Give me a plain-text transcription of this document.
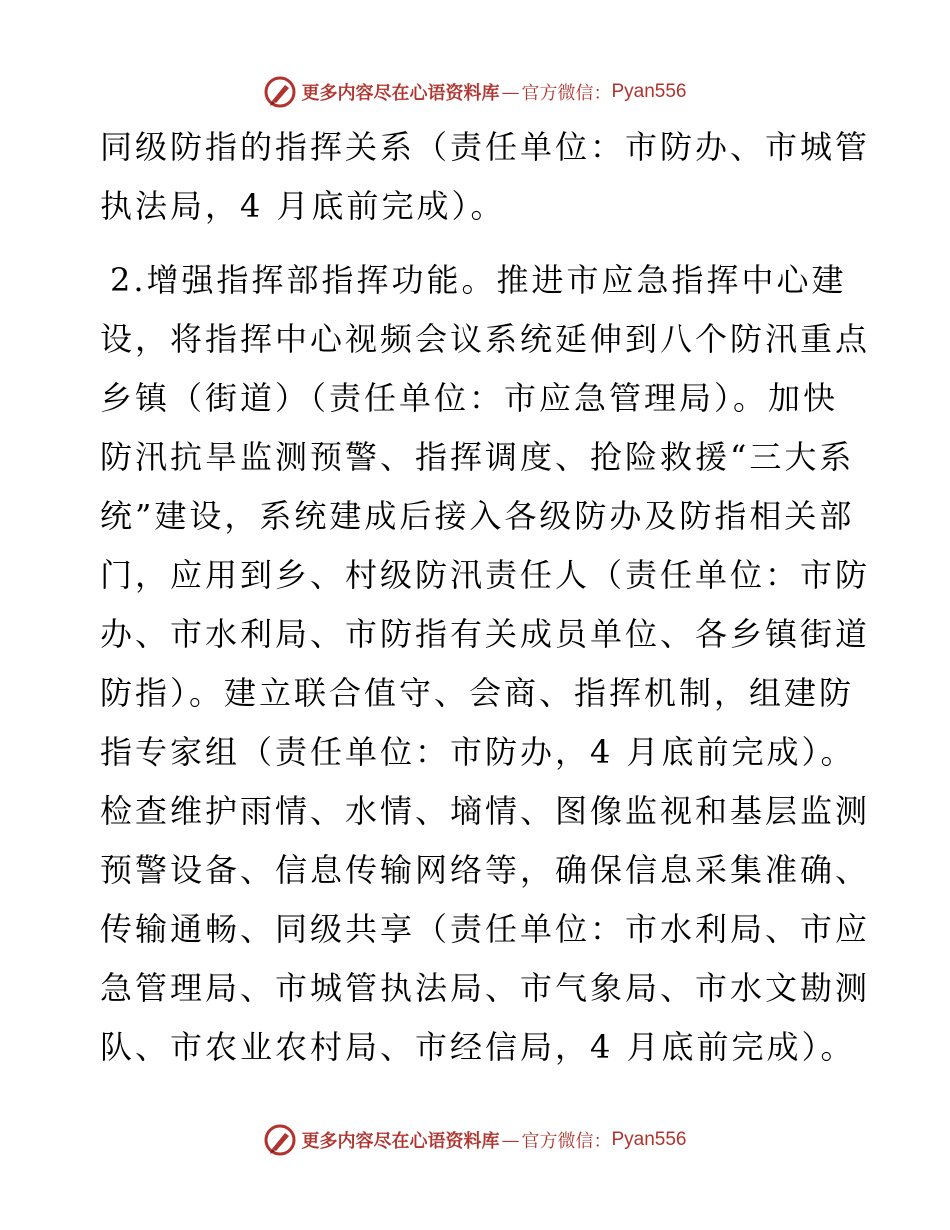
更多内容尽在心语资料库 — 官方微信： Pyan556
同级防指的指挥关系（责任单位：市防办、市城管
执法局，4 月底前完成）。
2.增强指挥部指挥功能。推进市应急指挥中心建
设，将指挥中心视频会议系统延伸到八个防汛重点
乡镇（街道）（责任单位：市应急管理局）。加快
防汛抗旱监测预警、指挥调度、抢险救援“三大系
统”建设，系统建成后接入各级防办及防指相关部
门，应用到乡、村级防汛责任人（责任单位：市防
办、市水利局、市防指有关成员单位、各乡镇街道
防指）。建立联合值守、会商、指挥机制，组建防
指专家组（责任单位：市防办，4 月底前完成）。
检查维护雨情、水情、墒情、图像监视和基层监测
预警设备、信息传输网络等，确保信息采集准确、
传输通畅、同级共享（责任单位：市水利局、市应
急管理局、市城管执法局、市气象局、市水文勘测
队、市农业农村局、市经信局，4 月底前完成）。
更多内容尽在心语资料库 — 官方微信： Pyan556
